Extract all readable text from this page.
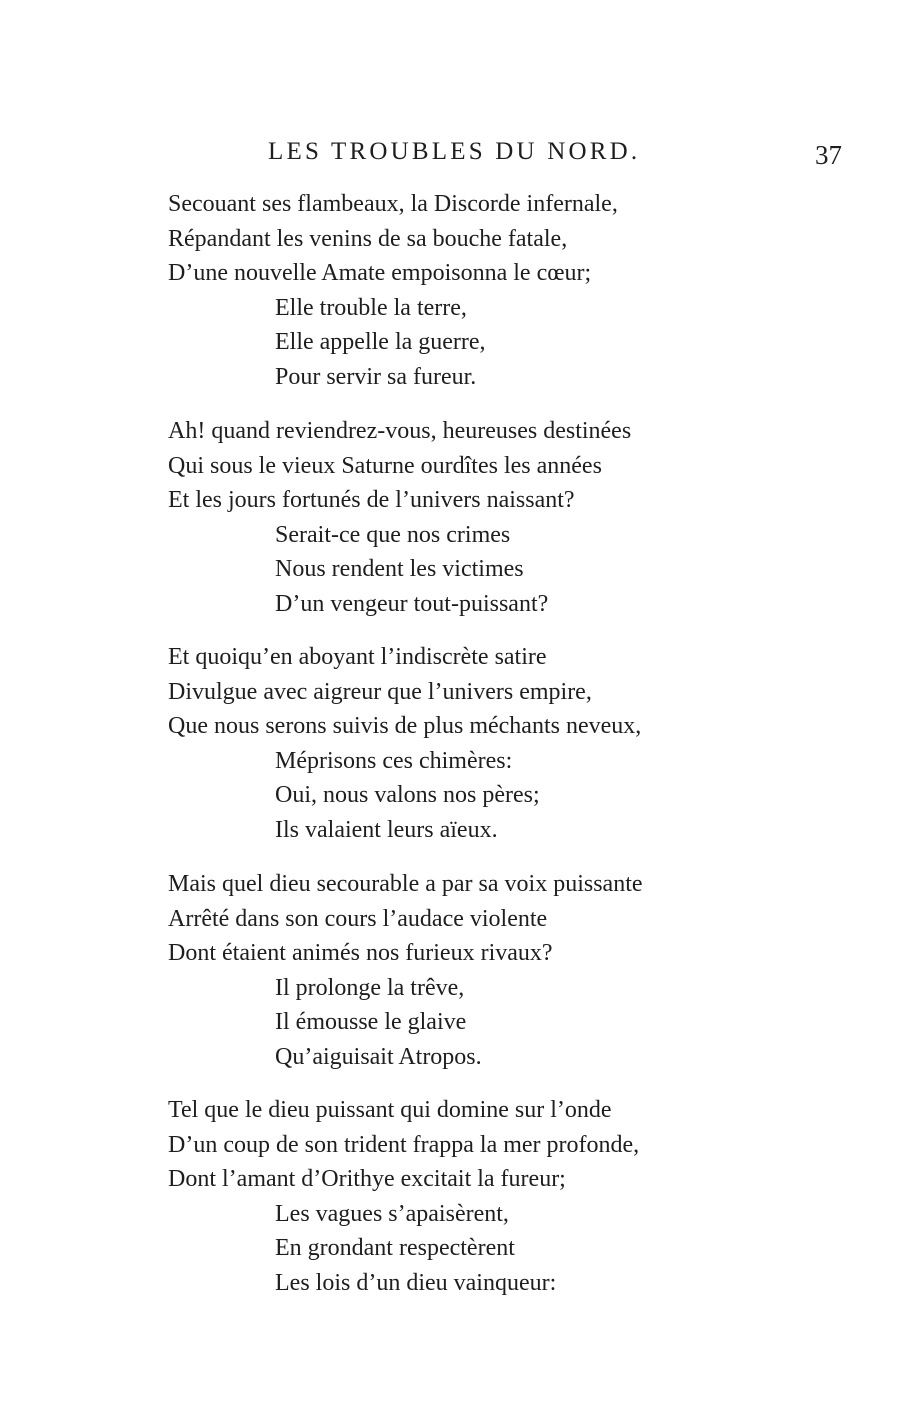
LES TROUBLES DU NORD.	37
Secouant ses flambeaux, la Discorde infernale,
Répandant les venins de sa bouche fatale,
D’une nouvelle Amate empoisonna le cœur;
Elle trouble la terre,
Elle appelle la guerre,
Pour servir sa fureur.
Ah! quand reviendrez-vous, heureuses destinées
Qui sous le vieux Saturne ourdîtes les années
Et les jours fortunés de l’univers naissant?
Serait-ce que nos crimes
Nous rendent les victimes
D’un vengeur tout-puissant?
Et quoiqu’en aboyant l’indiscrète satire
Divulgue avec aigreur que l’univers empire,
Que nous serons suivis de plus méchants neveux,
Méprisons ces chimères:
Oui, nous valons nos pères;
Ils valaient leurs aïeux.
Mais quel dieu secourable a par sa voix puissante
Arrêté dans son cours l’audace violente
Dont étaient animés nos furieux rivaux?
Il prolonge la trêve,
Il émousse le glaive
Qu’aiguisait Atropos.
Tel que le dieu puissant qui domine sur l’onde
D’un coup de son trident frappa la mer profonde,
Dont l’amant d’Orithye excitait la fureur;
Les vagues s’apaisèrent,
En grondant respectèrent
Les lois d’un dieu vainqueur:
